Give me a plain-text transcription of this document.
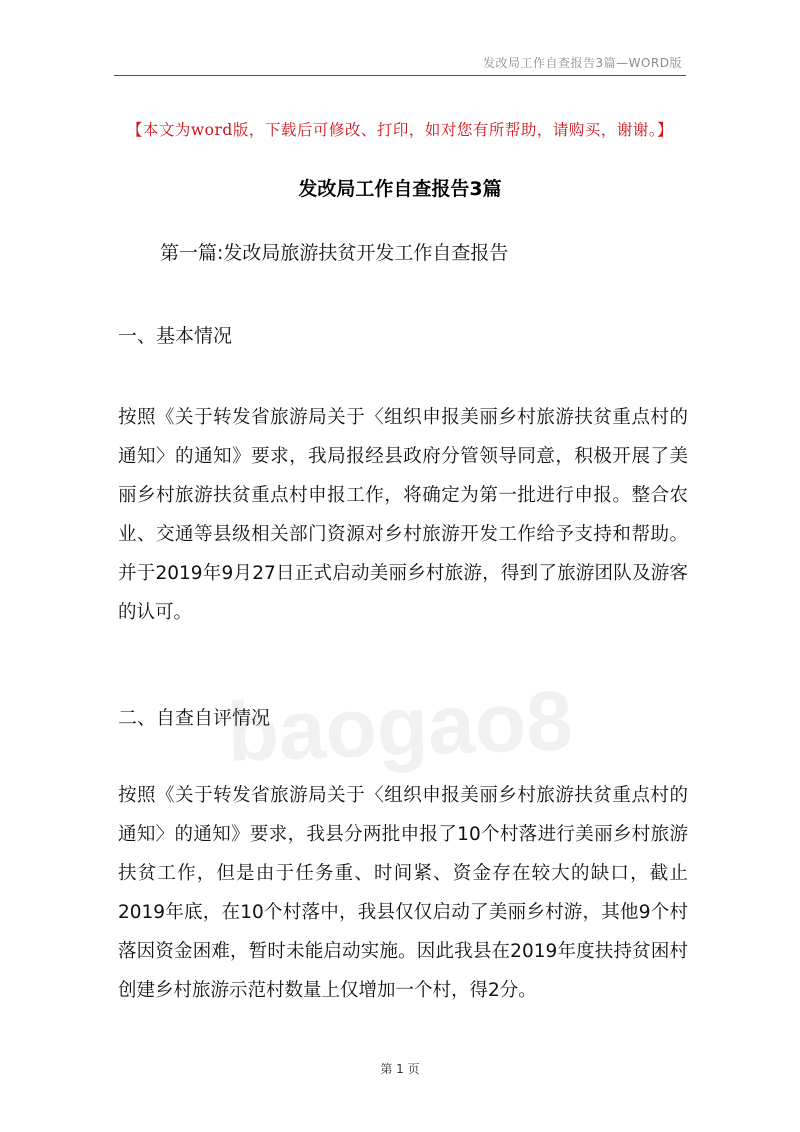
发改局工作自查报告3篇—WORD版
baogao8
【本文为word版，下载后可修改、打印，如对您有所帮助，请购买，谢谢。】
发改局工作自查报告3篇
第一篇:发改局旅游扶贫开发工作自查报告
一、基本情况
按照《关于转发省旅游局关于〈组织申报美丽乡村旅游扶贫重点村的通知〉的通知》要求，我局报经县政府分管领导同意，积极开展了美丽乡村旅游扶贫重点村申报工作，将确定为第一批进行申报。整合农业、交通等县级相关部门资源对乡村旅游开发工作给予支持和帮助。并于2019年9月27日正式启动美丽乡村旅游，得到了旅游团队及游客的认可。
二、自查自评情况
按照《关于转发省旅游局关于〈组织申报美丽乡村旅游扶贫重点村的通知〉的通知》要求，我县分两批申报了10个村落进行美丽乡村旅游扶贫工作，但是由于任务重、时间紧、资金存在较大的缺口，截止2019年底，在10个村落中，我县仅仅启动了美丽乡村游，其他9个村落因资金困难，暂时未能启动实施。因此我县在2019年度扶持贫困村创建乡村旅游示范村数量上仅增加一个村，得2分。
第 1 页
